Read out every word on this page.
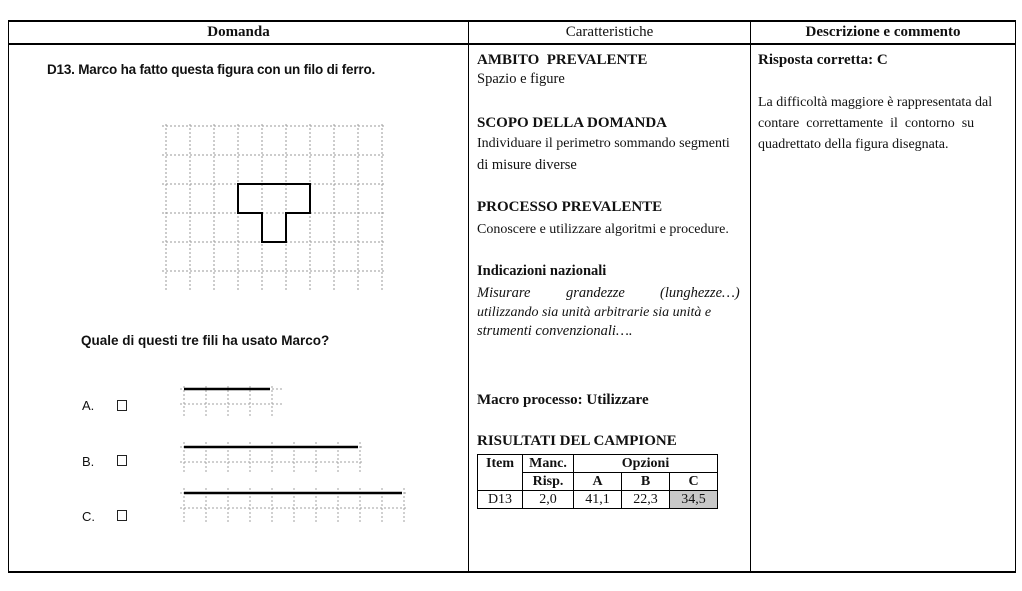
Domanda	Caratteristiche	Descrizione e commento
D13. Marco ha fatto questa figura con un filo di ferro.
Quale di questi tre fili ha usato Marco?
A.
B.
C.
AMBITO  PREVALENTE
Spazio e figure
SCOPO DELLA DOMANDA
Individuare il perimetro sommando segmenti
di misure diverse
PROCESSO PREVALENTE
Conoscere e utilizzare algoritmi e procedure.
Indicazioni nazionali
Misurare grandezze (lunghezze…)
utilizzando sia unità arbitrarie sia unità e
strumenti convenzionali….
Macro processo: Utilizzare
RISULTATI DEL CAMPIONE
Item	Manc.	Opzioni		
	Risp.	A	B	C
D13	2,0	41,1	22,3	34,5
Risposta corretta: C
La difficoltà maggiore è rappresentata dal
contare  correttamente  il  contorno  su
quadrettato della figura disegnata.
